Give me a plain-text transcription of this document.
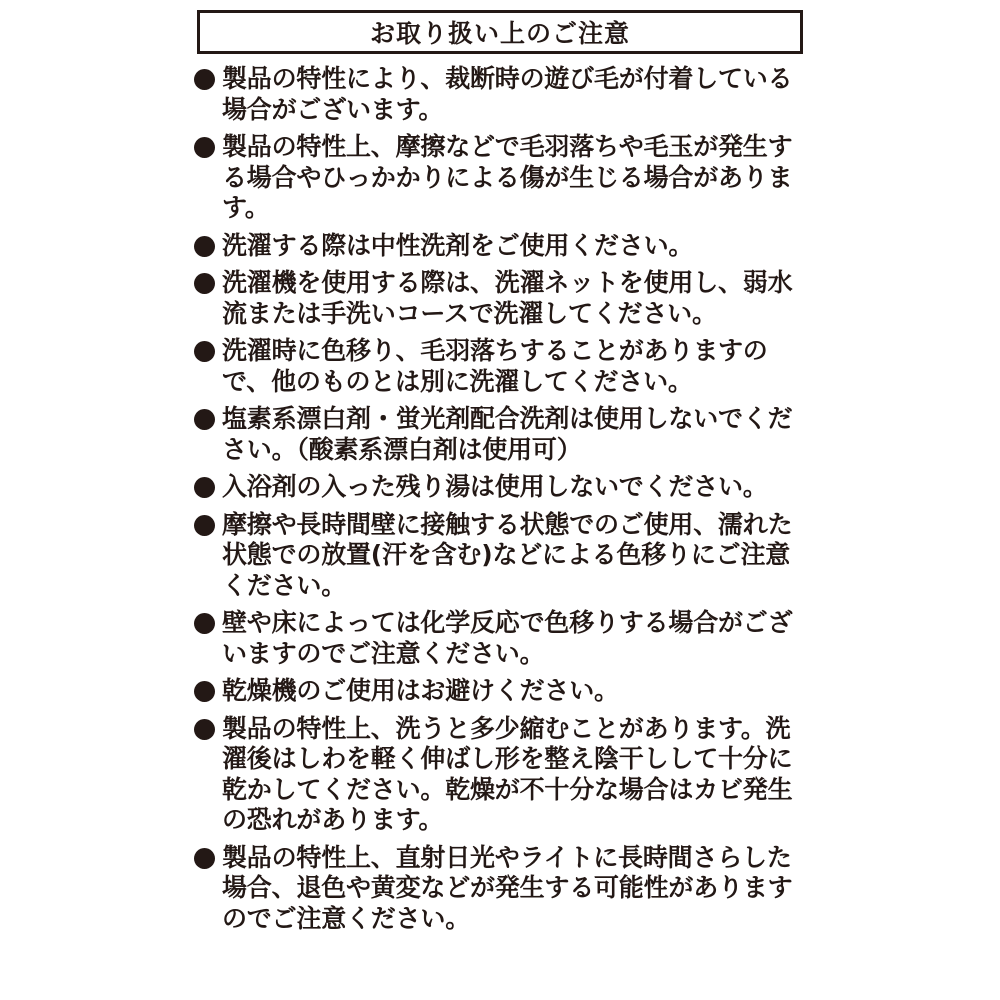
お取り扱い上のご注意
製品の特性により、裁断時の遊び毛が付着している場合がございます。
製品の特性上、摩擦などで毛羽落ちや毛玉が発生する場合やひっかかりによる傷が生じる場合があります。
洗濯する際は中性洗剤をご使用ください。
洗濯機を使用する際は、洗濯ネットを使用し、弱水流または手洗いコースで洗濯してください。
洗濯時に色移り、毛羽落ちすることがありますので、他のものとは別に洗濯してください。
塩素系漂白剤・蛍光剤配合洗剤は使用しないでください。（酸素系漂白剤は使用可）
入浴剤の入った残り湯は使用しないでください。
摩擦や長時間壁に接触する状態でのご使用、濡れた状態での放置(汗を含む)などによる色移りにご注意ください。
壁や床によっては化学反応で色移りする場合がございますのでご注意ください。
乾燥機のご使用はお避けください。
製品の特性上、洗うと多少縮むことがあります。洗濯後はしわを軽く伸ばし形を整え陰干しして十分に乾かしてください。乾燥が不十分な場合はカビ発生の恐れがあります。
製品の特性上、直射日光やライトに長時間さらした場合、退色や黄変などが発生する可能性がありますのでご注意ください。
